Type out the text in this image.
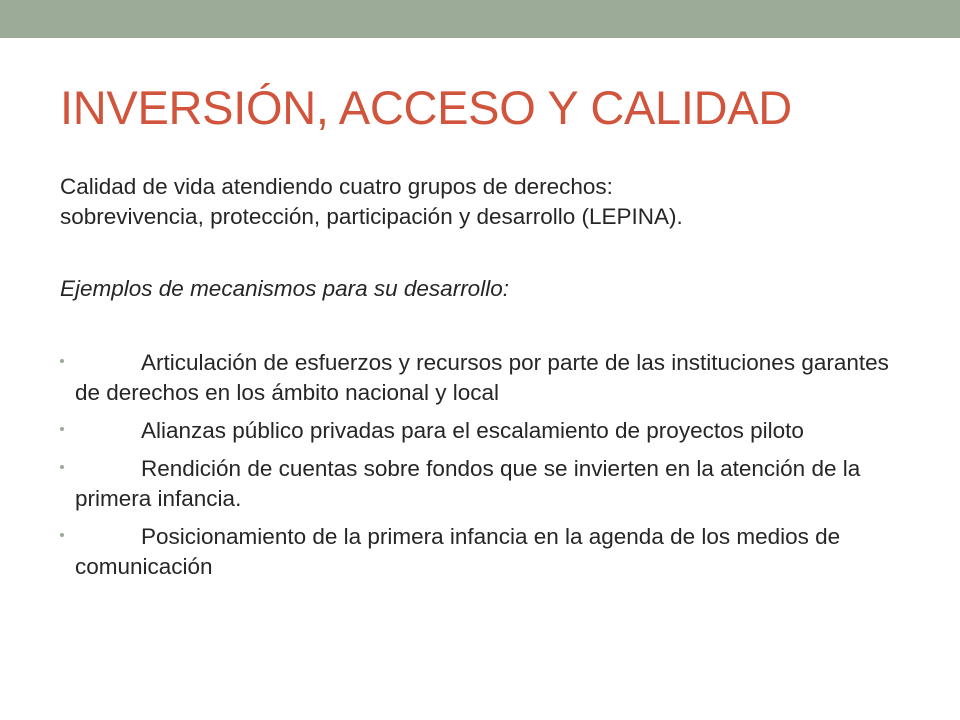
INVERSIÓN, ACCESO Y CALIDAD

Calidad de vida atendiendo cuatro grupos de derechos:
sobrevivencia, protección, participación y desarrollo (LEPINA).

Ejemplos de mecanismos para su desarrollo:

Articulación de esfuerzos y recursos por parte de las instituciones garantes de derechos en los ámbito nacional y local
Alianzas público privadas para el escalamiento de proyectos piloto
Rendición de cuentas sobre fondos que se invierten en la atención de la primera infancia.
Posicionamiento de la primera infancia en la agenda de los medios de comunicación
